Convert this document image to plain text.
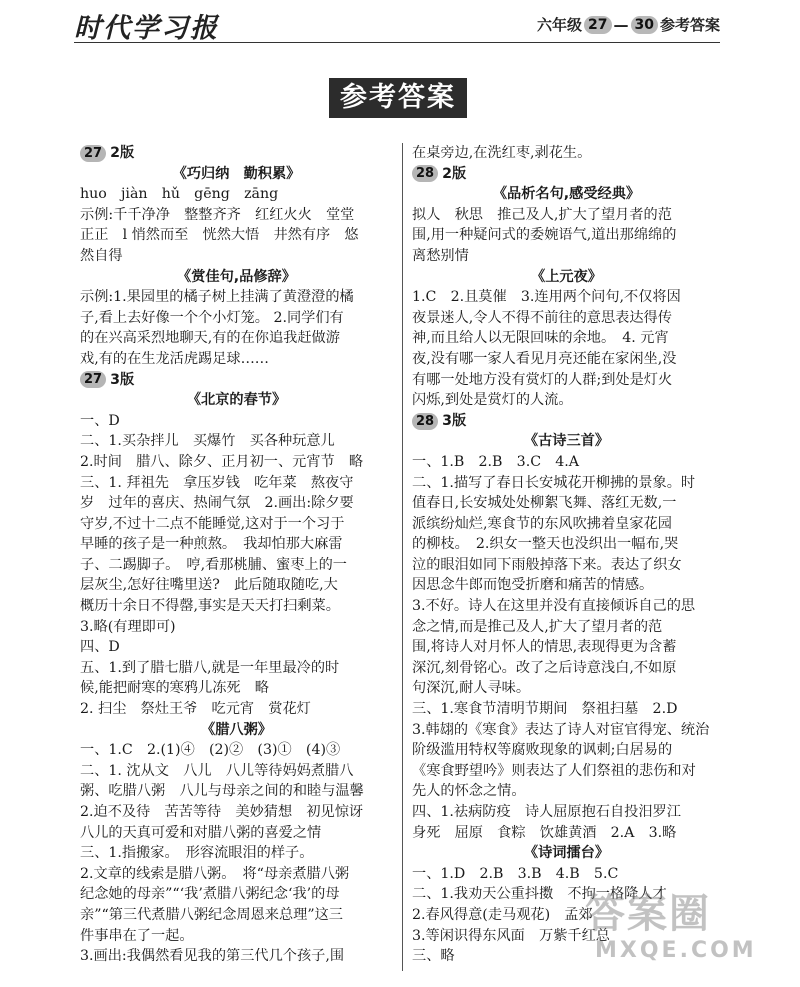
时代学习报	六年级 27 — 30 参考答案
参考答案
27 2版
《巧归纳　勤积累》
huo　jiàn　hǔ　gēng　zāng
示例:千千净净　整整齐齐　红红火火　堂堂
正正　l 悄然而至　恍然大悟　井然有序　悠
然自得
《赏佳句,品修辞》
示例:1.果园里的橘子树上挂满了黄澄澄的橘
子,看上去好像一个个小灯笼。 2.同学们有
的在兴高采烈地聊天,有的在你追我赶做游
戏,有的在生龙活虎踢足球……
27 3版
《北京的春节》
一、D
二、1.买杂拌儿　买爆竹　买各种玩意儿
2.时间　腊八、除夕、正月初一、元宵节　略
三、1. 拜祖先　拿压岁钱　吃年菜　熬夜守
岁　过年的喜庆、热闹气氛　2.画出:除夕要
守岁,不过十二点不能睡觉,这对于一个习于
早睡的孩子是一种煎熬。　我却怕那大麻雷
子、二踢脚子。　哼,看那桃脯、蜜枣上的一
层灰尘,怎好往嘴里送?　此后随取随吃,大
概历十余日不得罄,事实是天天打扫剩菜。
3.略(有理即可)
四、D
五、1.到了腊七腊八,就是一年里最冷的时
候,能把耐寒的寒鸦儿冻死　略
2. 扫尘　祭灶王爷　吃元宵　赏花灯
《腊八粥》
一、1.C　2.(1)④　(2)②　(3)①　(4)③
二、1. 沈从文　八儿　八儿等待妈妈煮腊八
粥、吃腊八粥　八儿与母亲之间的和睦与温馨
2.迫不及待　苦苦等待　美妙猜想　初见惊讶
八儿的天真可爱和对腊八粥的喜爱之情
三、1.指搬家。　形容流眼泪的样子。
2.文章的线索是腊八粥。　将“母亲煮腊八粥
纪念她的母亲”“‘我’煮腊八粥纪念‘我’的母
亲”“第三代煮腊八粥纪念周恩来总理”这三
件事串在了一起。
3.画出:我偶然看见我的第三代几个孩子,围
在桌旁边,在洗红枣,剥花生。
28 2版
《品析名句,感受经典》
拟人　秋思　推己及人,扩大了望月者的范
围,用一种疑问式的委婉语气,道出那绵绵的
离愁别情
《上元夜》
1.C　2.且莫催　3.连用两个问句,不仅将因
夜景迷人,令人不得不前往的意思表达得传
神,而且给人以无限回味的余地。　4. 元宵
夜,没有哪一家人看见月亮还能在家闲坐,没
有哪一处地方没有赏灯的人群;到处是灯火
闪烁,到处是赏灯的人流。
28 3版
《古诗三首》
一、1.B　2.B　3.C　4.A
二、1.描写了春日长安城花开柳拂的景象。时
值春日,长安城处处柳絮飞舞、落红无数,一
派缤纷灿烂,寒食节的东风吹拂着皇家花园
的柳枝。　2.织女一整天也没织出一幅布,哭
泣的眼泪如同下雨般掉落下来。表达了织女
因思念牛郎而饱受折磨和痛苦的情感。
3.不好。诗人在这里并没有直接倾诉自己的思
念之情,而是推己及人,扩大了望月者的范
围,将诗人对月怀人的情思,表现得更为含蓄
深沉,刻骨铭心。改了之后诗意浅白,不如原
句深沉,耐人寻味。
三、1.寒食节清明节期间　祭祖扫墓　2.D
3.韩翃的《寒食》表达了诗人对宦官得宠、统治
阶级滥用特权等腐败现象的讽刺;白居易的
《寒食野望吟》则表达了人们祭祖的悲伤和对
先人的怀念之情。
四、1.祛病防疫　诗人屈原抱石自投汨罗江
身死　屈原　食粽　饮雄黄酒　2.A　3.略
《诗词擂台》
一、1.D　2.B　3.B　4.B　5.C
二、1.我劝天公重抖擞　不拘一格降人才
2.春风得意(走马观花)　孟郊
3.等闲识得东风面　万紫千红总
三、略
答案圈
MXQE.COM
